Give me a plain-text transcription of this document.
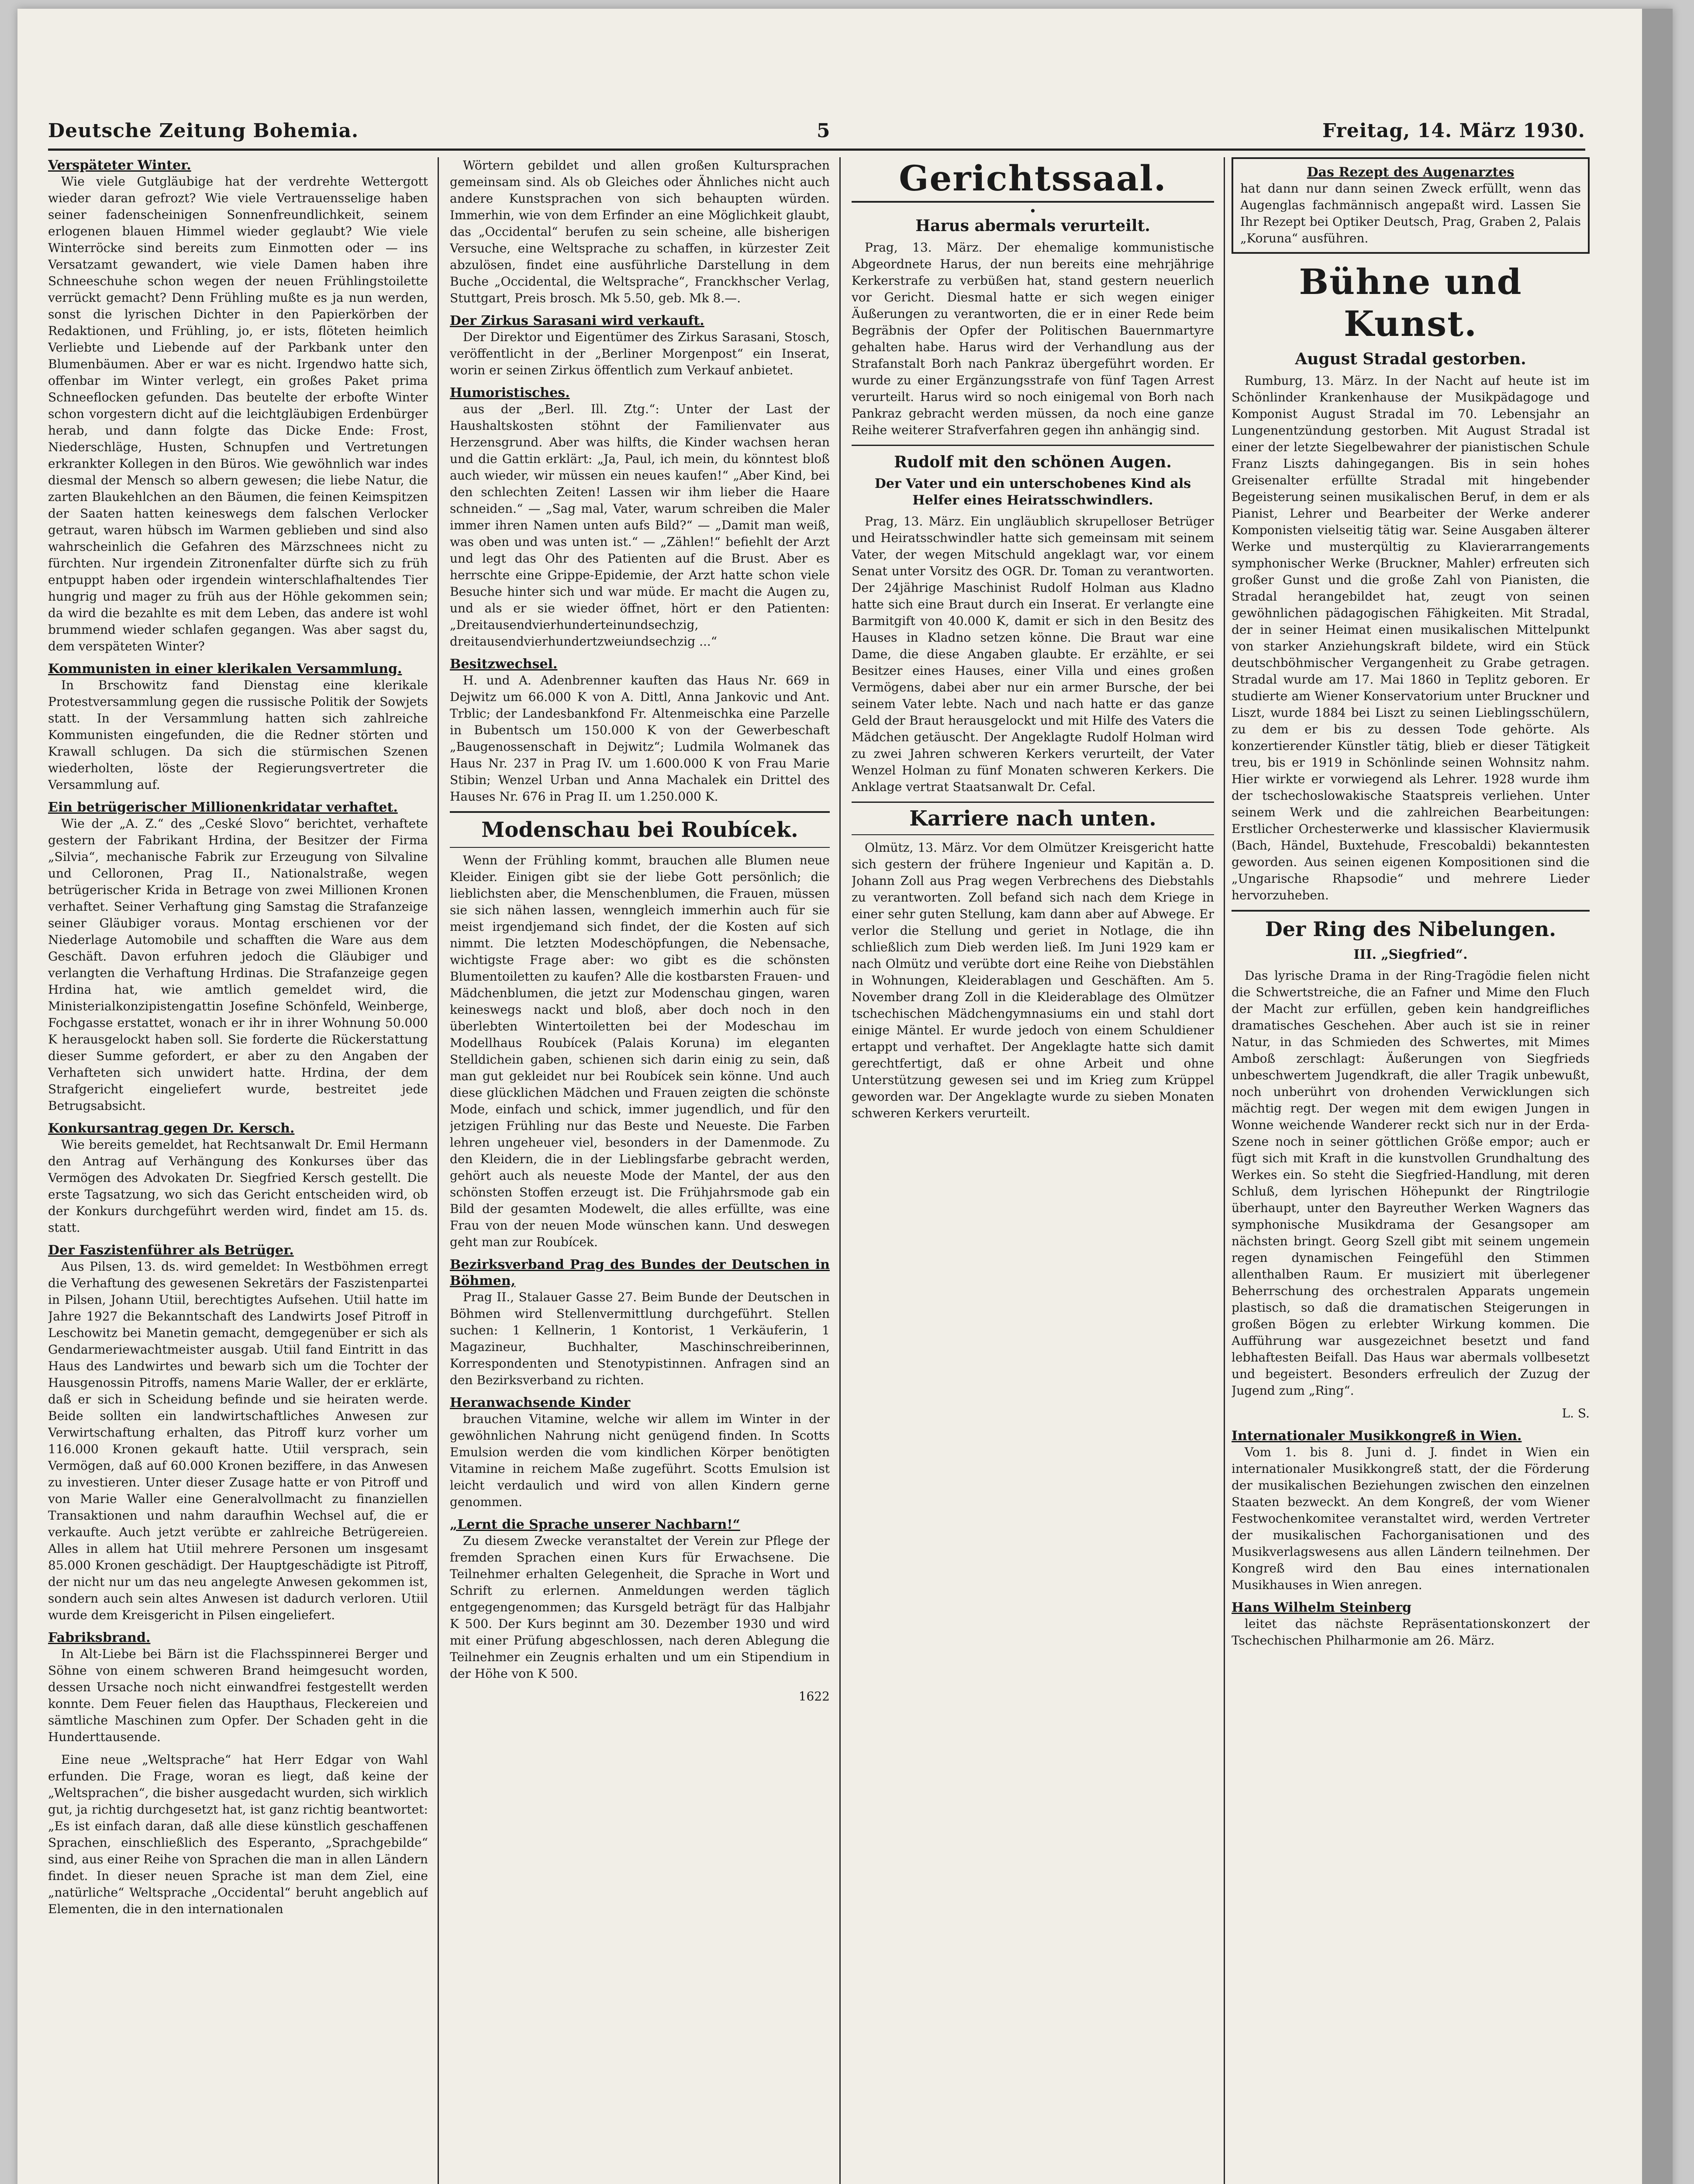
Deutsche Zeitung Bohemia.	5	Freitag, 14. März 1930.
Verspäteter Winter.

Wie viele Gutgläubige hat der verdrehte Wettergott wieder daran gefrozt? Wie viele Vertrauensselige haben seiner fadenscheinigen Sonnenfreundlichkeit, seinem erlogenen blauen Himmel wieder geglaubt? Wie viele Winterröcke sind bereits zum Einmotten oder — ins Versatzamt gewandert, wie viele Damen haben ihre Schneeschuhe schon wegen der neuen Frühlingstoilette verrückt gemacht? Denn Frühling mußte es ja nun werden, sonst die lyrischen Dichter in den Papierkörben der Redaktionen, und Frühling, jo, er ists, flöteten heimlich Verliebte und Liebende auf der Parkbank unter den Blumenbäumen. Aber er war es nicht. Irgendwo hatte sich, offenbar im Winter verlegt, ein großes Paket prima Schneeflocken gefunden. Das beutelte der erbofte Winter schon vorgestern dicht auf die leichtgläubigen Erdenbürger herab, und dann folgte das Dicke Ende: Frost, Niederschläge, Husten, Schnupfen und Vertretungen erkrankter Kollegen in den Büros. Wie gewöhnlich war indes diesmal der Mensch so albern gewesen; die liebe Natur, die zarten Blaukehlchen an den Bäumen, die feinen Keimspitzen der Saaten hatten keineswegs dem falschen Verlocker getraut, waren hübsch im Warmen geblieben und sind also wahrscheinlich die Gefahren des Märzschnees nicht zu fürchten. Nur irgendein Zitronenfalter dürfte sich zu früh entpuppt haben oder irgendein winterschlafhaltendes Tier hungrig und mager zu früh aus der Höhle gekommen sein; da wird die bezahlte es mit dem Leben, das andere ist wohl brummend wieder schlafen gegangen. Was aber sagst du, dem verspäteten Winter?

Kommunisten in einer klerikalen Versammlung.

In Brschowitz fand Dienstag eine klerikale Protestversammlung gegen die russische Politik der Sowjets statt. In der Versammlung hatten sich zahlreiche Kommunisten eingefunden, die die Redner störten und Krawall schlugen. Da sich die stürmischen Szenen wiederholten, löste der Regierungsvertreter die Versammlung auf.

Ein betrügerischer Millionenkridatar verhaftet.

Wie der „A. Z.“ des „Ceské Slovo“ berichtet, verhaftete gestern der Fabrikant Hrdina, der Besitzer der Firma „Silvia“, mechanische Fabrik zur Erzeugung von Silvaline und Celloronen, Prag II., Nationalstraße, wegen betrügerischer Krida in Betrage von zwei Millionen Kronen verhaftet. Seiner Verhaftung ging Samstag die Strafanzeige seiner Gläubiger voraus. Montag erschienen vor der Niederlage Automobile und schafften die Ware aus dem Geschäft. Davon erfuhren jedoch die Gläubiger und verlangten die Verhaftung Hrdinas. Die Strafanzeige gegen Hrdina hat, wie amtlich gemeldet wird, die Ministerialkonzipistengattin Josefine Schönfeld, Weinberge, Fochgasse erstattet, wonach er ihr in ihrer Wohnung 50.000 K herausgelockt haben soll. Sie forderte die Rückerstattung dieser Summe gefordert, er aber zu den Angaben der Verhafteten sich unwidert hatte. Hrdina, der dem Strafgericht eingeliefert wurde, bestreitet jede Betrugsabsicht.

Konkursantrag gegen Dr. Kersch.

Wie bereits gemeldet, hat Rechtsanwalt Dr. Emil Hermann den Antrag auf Verhängung des Konkurses über das Vermögen des Advokaten Dr. Siegfried Kersch gestellt. Die erste Tagsatzung, wo sich das Gericht entscheiden wird, ob der Konkurs durchgeführt werden wird, findet am 15. ds. statt.

Der Faszistenführer als Betrüger.

Aus Pilsen, 13. ds. wird gemeldet: In Westböhmen erregt die Verhaftung des gewesenen Sekretärs der Faszistenpartei in Pilsen, Johann Utiil, berechtigtes Aufsehen. Utiil hatte im Jahre 1927 die Bekanntschaft des Landwirts Josef Pitroff in Leschowitz bei Manetin gemacht, demgegenüber er sich als Gendarmeriewachtmeister ausgab. Utiil fand Eintritt in das Haus des Landwirtes und bewarb sich um die Tochter der Hausgenossin Pitroffs, namens Marie Waller, der er erklärte, daß er sich in Scheidung befinde und sie heiraten werde. Beide sollten ein landwirtschaftliches Anwesen zur Verwirtschaftung erhalten, das Pitroff kurz vorher um 116.000 Kronen gekauft hatte. Utiil versprach, sein Vermögen, daß auf 60.000 Kronen beziffere, in das Anwesen zu investieren. Unter dieser Zusage hatte er von Pitroff und von Marie Waller eine Generalvollmacht zu finanziellen Transaktionen und nahm daraufhin Wechsel auf, die er verkaufte. Auch jetzt verübte er zahlreiche Betrügereien. Alles in allem hat Utiil mehrere Personen um insgesamt 85.000 Kronen geschädigt. Der Hauptgeschädigte ist Pitroff, der nicht nur um das neu angelegte Anwesen gekommen ist, sondern auch sein altes Anwesen ist dadurch verloren. Utiil wurde dem Kreisgericht in Pilsen eingeliefert.

Fabriksbrand.

In Alt-Liebe bei Bärn ist die Flachsspinnerei Berger und Söhne von einem schweren Brand heimgesucht worden, dessen Ursache noch nicht einwandfrei festgestellt werden konnte. Dem Feuer fielen das Haupthaus, Fleckereien und sämtliche Maschinen zum Opfer. Der Schaden geht in die Hunderttausende.

Eine neue „Weltsprache“ hat Herr Edgar von Wahl erfunden. Die Frage, woran es liegt, daß keine der „Weltsprachen“, die bisher ausgedacht wurden, sich wirklich gut, ja richtig durchgesetzt hat, ist ganz richtig beantwortet: „Es ist einfach daran, daß alle diese künstlich geschaffenen Sprachen, einschließlich des Esperanto, „Sprachgebilde“ sind, aus einer Reihe von Sprachen die man in allen Ländern findet. In dieser neuen Sprache ist man dem Ziel, eine „natürliche“ Weltsprache „Occidental“ beruht angeblich auf Elementen, die in den internationalen

Wörtern gebildet und allen großen Kultursprachen gemeinsam sind. Als ob Gleiches oder Ähnliches nicht auch andere Kunstsprachen von sich behaupten würden. Immerhin, wie von dem Erfinder an eine Möglichkeit glaubt, das „Occidental“ berufen zu sein scheine, alle bisherigen Versuche, eine Weltsprache zu schaffen, in kürzester Zeit abzulösen, findet eine ausführliche Darstellung in dem Buche „Occidental, die Weltsprache“, Franckhscher Verlag, Stuttgart, Preis brosch. Mk 5.50, geb. Mk 8.—.

Der Zirkus Sarasani wird verkauft.

Der Direktor und Eigentümer des Zirkus Sarasani, Stosch, veröffentlicht in der „Berliner Morgenpost“ ein Inserat, worin er seinen Zirkus öffentlich zum Verkauf anbietet.

Humoristisches.

aus der „Berl. Ill. Ztg.“: Unter der Last der Haushaltskosten stöhnt der Familienvater aus Herzensgrund. Aber was hilfts, die Kinder wachsen heran und die Gattin erklärt: „Ja, Paul, ich mein, du könntest bloß auch wieder, wir müssen ein neues kaufen!“ „Aber Kind, bei den schlechten Zeiten! Lassen wir ihm lieber die Haare schneiden.“ — „Sag mal, Vater, warum schreiben die Maler immer ihren Namen unten aufs Bild?“ — „Damit man weiß, was oben und was unten ist.“ — „Zählen!“ befiehlt der Arzt und legt das Ohr des Patienten auf die Brust. Aber es herrschte eine Grippe-Epidemie, der Arzt hatte schon viele Besuche hinter sich und war müde. Er macht die Augen zu, und als er sie wieder öffnet, hört er den Patienten: „Dreitausendvierhunderteinundsechzig, dreitausendvierhundertzweiundsechzig ...“

Besitzwechsel.

H. und A. Adenbrenner kauften das Haus Nr. 669 in Dejwitz um 66.000 K von A. Dittl, Anna Jankovic und Ant. Trblic; der Landesbankfond Fr. Altenmeischka eine Parzelle in Bubentsch um 150.000 K von der Gewerbeschaft „Baugenossenschaft in Dejwitz“; Ludmila Wolmanek das Haus Nr. 237 in Prag IV. um 1.600.000 K von Frau Marie Stibin; Wenzel Urban und Anna Machalek ein Drittel des Hauses Nr. 676 in Prag II. um 1.250.000 K.

Modenschau bei Roubícek.

Wenn der Frühling kommt, brauchen alle Blumen neue Kleider. Einigen gibt sie der liebe Gott persönlich; die lieblichsten aber, die Menschenblumen, die Frauen, müssen sie sich nähen lassen, wenngleich immerhin auch für sie meist irgendjemand sich findet, der die Kosten auf sich nimmt. Die letzten Modeschöpfungen, die Nebensache, wichtigste Frage aber: wo gibt es die schönsten Blumentoiletten zu kaufen? Alle die kostbarsten Frauen- und Mädchenblumen, die jetzt zur Modenschau gingen, waren keineswegs nackt und bloß, aber doch noch in den überlebten Wintertoiletten bei der Modeschau im Modellhaus Roubícek (Palais Koruna) im eleganten Stelldichein gaben, schienen sich darin einig zu sein, daß man gut gekleidet nur bei Roubícek sein könne. Und auch diese glücklichen Mädchen und Frauen zeigten die schönste Mode, einfach und schick, immer jugendlich, und für den jetzigen Frühling nur das Beste und Neueste. Die Farben lehren ungeheuer viel, besonders in der Damenmode. Zu den Kleidern, die in der Lieblingsfarbe gebracht werden, gehört auch als neueste Mode der Mantel, der aus den schönsten Stoffen erzeugt ist. Die Frühjahrsmode gab ein Bild der gesamten Modewelt, die alles erfüllte, was eine Frau von der neuen Mode wünschen kann. Und deswegen geht man zur Roubícek.

Bezirksverband Prag des Bundes der Deutschen in Böhmen,

Prag II., Stalauer Gasse 27. Beim Bunde der Deutschen in Böhmen wird Stellenvermittlung durchgeführt. Stellen suchen: 1 Kellnerin, 1 Kontorist, 1 Verkäuferin, 1 Magazineur, Buchhalter, Maschinschreiberinnen, Korrespondenten und Stenotypistinnen. Anfragen sind an den Bezirksverband zu richten.

Heranwachsende Kinder

brauchen Vitamine, welche wir allem im Winter in der gewöhnlichen Nahrung nicht genügend finden. In Scotts Emulsion werden die vom kindlichen Körper benötigten Vitamine in reichem Maße zugeführt. Scotts Emulsion ist leicht verdaulich und wird von allen Kindern gerne genommen.

„Lernt die Sprache unserer Nachbarn!“

Zu diesem Zwecke veranstaltet der Verein zur Pflege der fremden Sprachen einen Kurs für Erwachsene. Die Teilnehmer erhalten Gelegenheit, die Sprache in Wort und Schrift zu erlernen. Anmeldungen werden täglich entgegengenommen; das Kursgeld beträgt für das Halbjahr K 500. Der Kurs beginnt am 30. Dezember 1930 und wird mit einer Prüfung abgeschlossen, nach deren Ablegung die Teilnehmer ein Zeugnis erhalten und um ein Stipendium in der Höhe von K 500.

1622
Gerichtssaal.
•
Harus abermals verurteilt.

Prag, 13. März. Der ehemalige kommunistische Abgeordnete Harus, der nun bereits eine mehrjährige Kerkerstrafe zu verbüßen hat, stand gestern neuerlich vor Gericht. Diesmal hatte er sich wegen einiger Äußerungen zu verantworten, die er in einer Rede beim Begräbnis der Opfer der Politischen Bauernmartyre gehalten habe. Harus wird der Verhandlung aus der Strafanstalt Borh nach Pankraz übergeführt worden. Er wurde zu einer Ergänzungsstrafe von fünf Tagen Arrest verurteilt. Harus wird so noch einigemal von Borh nach Pankraz gebracht werden müssen, da noch eine ganze Reihe weiterer Strafverfahren gegen ihn anhängig sind.

Rudolf mit den schönen Augen.
Der Vater und ein unterschobenes Kind als Helfer eines Heiratsschwindlers.

Prag, 13. März. Ein ungläublich skrupelloser Betrüger und Heiratsschwindler hatte sich gemeinsam mit seinem Vater, der wegen Mitschuld angeklagt war, vor einem Senat unter Vorsitz des OGR. Dr. Toman zu verantworten. Der 24jährige Maschinist Rudolf Holman aus Kladno hatte sich eine Braut durch ein Inserat. Er verlangte eine Barmitgift von 40.000 K, damit er sich in den Besitz des Hauses in Kladno setzen könne. Die Braut war eine Dame, die diese Angaben glaubte. Er erzählte, er sei Besitzer eines Hauses, einer Villa und eines großen Vermögens, dabei aber nur ein armer Bursche, der bei seinem Vater lebte. Nach und nach hatte er das ganze Geld der Braut herausgelockt und mit Hilfe des Vaters die Mädchen getäuscht. Der Angeklagte Rudolf Holman wird zu zwei Jahren schweren Kerkers verurteilt, der Vater Wenzel Holman zu fünf Monaten schweren Kerkers. Die Anklage vertrat Staatsanwalt Dr. Cefal.

Karriere nach unten.

Olmütz, 13. März. Vor dem Olmützer Kreisgericht hatte sich gestern der frühere Ingenieur und Kapitän a. D. Johann Zoll aus Prag wegen Verbrechens des Diebstahls zu verantworten. Zoll befand sich nach dem Kriege in einer sehr guten Stellung, kam dann aber auf Abwege. Er verlor die Stellung und geriet in Notlage, die ihn schließlich zum Dieb werden ließ. Im Juni 1929 kam er nach Olmütz und verübte dort eine Reihe von Diebstählen in Wohnungen, Kleiderablagen und Geschäften. Am 5. November drang Zoll in die Kleiderablage des Olmützer tschechischen Mädchengymnasiums ein und stahl dort einige Mäntel. Er wurde jedoch von einem Schuldiener ertappt und verhaftet. Der Angeklagte hatte sich damit gerechtfertigt, daß er ohne Arbeit und ohne Unterstützung gewesen sei und im Krieg zum Krüppel geworden war. Der Angeklagte wurde zu sieben Monaten schweren Kerkers verurteilt.

Das Rezept des Augenarztes

hat dann nur dann seinen Zweck erfüllt, wenn das Augenglas fachmännisch angepaßt wird. Lassen Sie Ihr Rezept bei Optiker Deutsch, Prag, Graben 2, Palais „Koruna“ ausführen.

Bühne und Kunst.
August Stradal gestorben.

Rumburg, 13. März. In der Nacht auf heute ist im Schönlinder Krankenhause der Musikpädagoge und Komponist August Stradal im 70. Lebensjahr an Lungenentzündung gestorben. Mit August Stradal ist einer der letzte Siegelbewahrer der pianistischen Schule Franz Liszts dahingegangen. Bis in sein hohes Greisenalter erfüllte Stradal mit hingebender Begeisterung seinen musikalischen Beruf, in dem er als Pianist, Lehrer und Bearbeiter der Werke anderer Komponisten vielseitig tätig war. Seine Ausgaben älterer Werke und musterqültig zu Klavierarrangements symphonischer Werke (Bruckner, Mahler) erfreuten sich großer Gunst und die große Zahl von Pianisten, die Stradal herangebildet hat, zeugt von seinen gewöhnlichen pädagogischen Fähigkeiten. Mit Stradal, der in seiner Heimat einen musikalischen Mittelpunkt von starker Anziehungskraft bildete, wird ein Stück deutschböhmischer Vergangenheit zu Grabe getragen. Stradal wurde am 17. Mai 1860 in Teplitz geboren. Er studierte am Wiener Konservatorium unter Bruckner und Liszt, wurde 1884 bei Liszt zu seinen Lieblingsschülern, zu dem er bis zu dessen Tode gehörte. Als konzertierender Künstler tätig, blieb er dieser Tätigkeit treu, bis er 1919 in Schönlinde seinen Wohnsitz nahm. Hier wirkte er vorwiegend als Lehrer. 1928 wurde ihm der tschechoslowakische Staatspreis verliehen. Unter seinem Werk und die zahlreichen Bearbeitungen: Erstlicher Orchesterwerke und klassischer Klaviermusik (Bach, Händel, Buxtehude, Frescobaldi) bekanntesten geworden. Aus seinen eigenen Kompositionen sind die „Ungarische Rhapsodie“ und mehrere Lieder hervorzuheben.

Der Ring des Nibelungen.
III. „Siegfried“.

Das lyrische Drama in der Ring-Tragödie fielen nicht die Schwertstreiche, die an Fafner und Mime den Fluch der Macht zur erfüllen, geben kein handgreifliches dramatisches Geschehen. Aber auch ist sie in reiner Natur, in das Schmieden des Schwertes, mit Mimes Amboß zerschlagt: Äußerungen von Siegfrieds unbeschwertem Jugendkraft, die aller Tragik unbewußt, noch unberührt von drohenden Verwicklungen sich mächtig regt. Der wegen mit dem ewigen Jungen in Wonne weichende Wanderer reckt sich nur in der Erda-Szene noch in seiner göttlichen Größe empor; auch er fügt sich mit Kraft in die kunstvollen Grundhaltung des Werkes ein. So steht die Siegfried-Handlung, mit deren Schluß, dem lyrischen Höhepunkt der Ringtrilogie überhaupt, unter den Bayreuther Werken Wagners das symphonische Musikdrama der Gesangsoper am nächsten bringt. Georg Szell gibt mit seinem ungemein regen dynamischen Feingefühl den Stimmen allenthalben Raum. Er musiziert mit überlegener Beherrschung des orchestralen Apparats ungemein plastisch, so daß die dramatischen Steigerungen in großen Bögen zu erlebter Wirkung kommen. Die Aufführung war ausgezeichnet besetzt und fand lebhaftesten Beifall. Das Haus war abermals vollbesetzt und begeistert. Besonders erfreulich der Zuzug der Jugend zum „Ring“.

L. S.
Internationaler Musikkongreß in Wien.

Vom 1. bis 8. Juni d. J. findet in Wien ein internationaler Musikkongreß statt, der die Förderung der musikalischen Beziehungen zwischen den einzelnen Staaten bezweckt. An dem Kongreß, der vom Wiener Festwochenkomitee veranstaltet wird, werden Vertreter der musikalischen Fachorganisationen und des Musikverlagswesens aus allen Ländern teilnehmen. Der Kongreß wird den Bau eines internationalen Musikhauses in Wien anregen.

Hans Wilhelm Steinberg

leitet das nächste Repräsentationskonzert der Tschechischen Philharmonie am 26. März.
